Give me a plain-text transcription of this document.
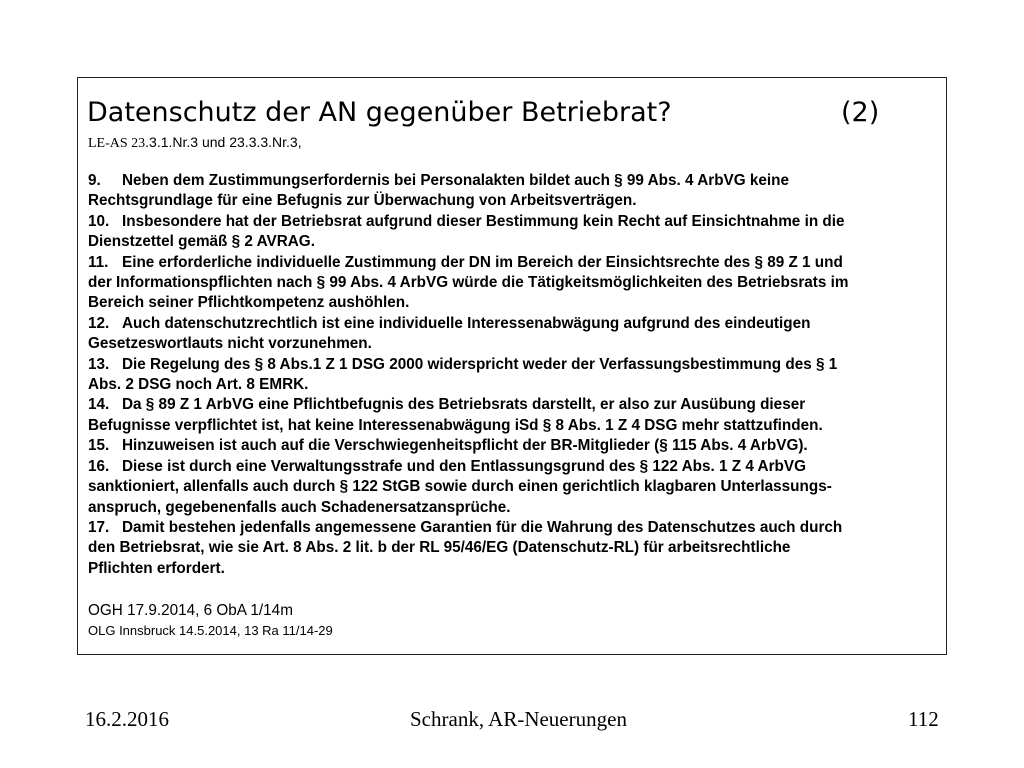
Datenschutz der AN gegenüber Betriebrat?	(2)
LE-AS 23.3.1.Nr.3 und 23.3.3.Nr.3,
9. Neben dem Zustimmungserfordernis bei Personalakten bildet auch § 99 Abs. 4 ArbVG keine
Rechtsgrundlage für eine Befugnis zur Überwachung von Arbeitsverträgen.
10. Insbesondere hat der Betriebsrat aufgrund dieser Bestimmung kein Recht auf Einsichtnahme in die
Dienstzettel gemäß § 2 AVRAG.
11. Eine erforderliche individuelle Zustimmung der DN im Bereich der Einsichtsrechte des § 89 Z 1 und
der Informationspflichten nach § 99 Abs. 4 ArbVG würde die Tätigkeitsmöglichkeiten des Betriebsrats im
Bereich seiner Pflichtkompetenz aushöhlen.
12. Auch datenschutzrechtlich ist eine individuelle Interessenabwägung aufgrund des eindeutigen
Gesetzeswortlauts nicht vorzunehmen.
13. Die Regelung des § 8 Abs.1 Z 1 DSG 2000 widerspricht weder der Verfassungsbestimmung des § 1
Abs. 2 DSG noch Art. 8 EMRK.
14. Da § 89 Z 1 ArbVG eine Pflichtbefugnis des Betriebsrats darstellt, er also zur Ausübung dieser
Befugnisse verpflichtet ist, hat keine Interessenabwägung iSd § 8 Abs. 1 Z 4 DSG mehr stattzufinden.
15. Hinzuweisen ist auch auf die Verschwiegenheitspflicht der BR-Mitglieder (§ 115 Abs. 4 ArbVG).
16. Diese ist durch eine Verwaltungsstrafe und den Entlassungsgrund des § 122 Abs. 1 Z 4 ArbVG
sanktioniert, allenfalls auch durch § 122 StGB sowie durch einen gerichtlich klagbaren Unterlassungs-
anspruch, gegebenenfalls auch Schadenersatzansprüche.
17. Damit bestehen jedenfalls angemessene Garantien für die Wahrung des Datenschutzes auch durch
den Betriebsrat, wie sie Art. 8 Abs. 2 lit. b der RL 95/46/EG (Datenschutz-RL) für arbeitsrechtliche
Pflichten erfordert.
OGH 17.9.2014, 6 ObA 1/14m
OLG Innsbruck 14.5.2014, 13 Ra 11/14-29
16.2.2016	Schrank, AR-Neuerungen	112
